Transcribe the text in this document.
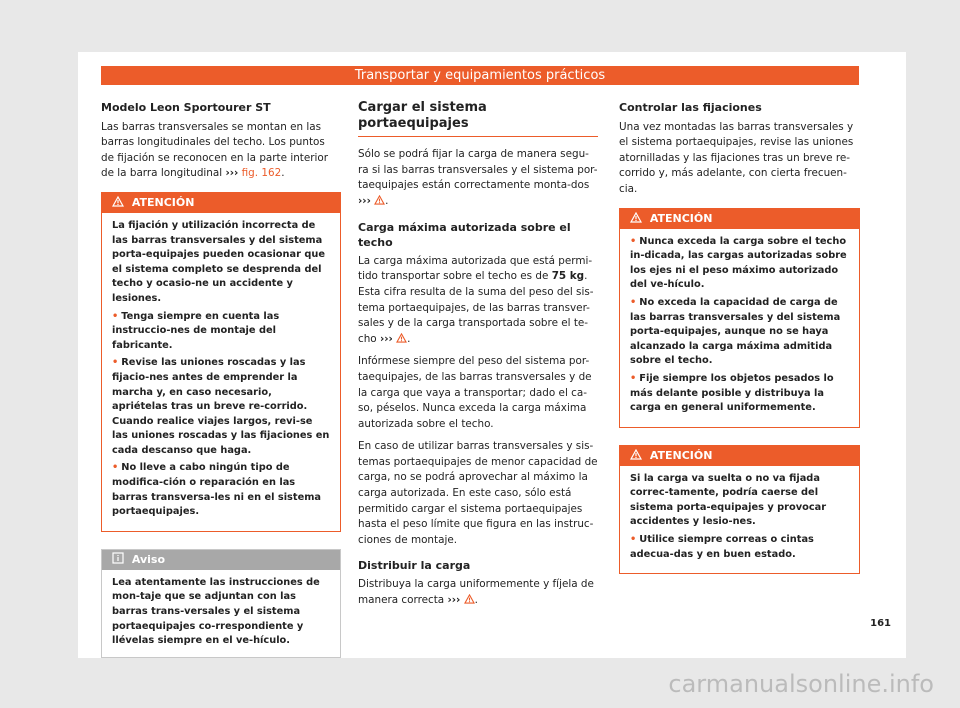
Transportar y equipamientos prácticos
Modelo Leon Sportourer ST

Las barras transversales se montan en las barras longitudinales del techo. Los puntos de fijación se reconocen en la parte interior de la barra longitudinal ››› fig. 162.

ATENCIÓN

La fijación y utilización incorrecta de las barras transversales y del sistema porta-equipajes pueden ocasionar que el sistema completo se desprenda del techo y ocasio-ne un accidente y lesiones.

• Tenga siempre en cuenta las instruccio-nes de montaje del fabricante.

• Revise las uniones roscadas y las fijacio-nes antes de emprender la marcha y, en caso necesario, apriételas tras un breve re-corrido. Cuando realice viajes largos, revi-se las uniones roscadas y las fijaciones en cada descanso que haga.

• No lleve a cabo ningún tipo de modifica-ción o reparación en las barras transversa-les ni en el sistema portaequipajes.

Aviso
Lea atentamente las instrucciones de mon-taje que se adjuntan con las barras trans-versales y el sistema portaequipajes co-rrespondiente y llévelas siempre en el ve-hículo.
Cargar el sistema portaequipajes

Sólo se podrá fijar la carga de manera segu-ra si las barras transversales y el sistema por-taequipajes están correctamente monta-dos ››› .

Carga máxima autorizada sobre el techo

La carga máxima autorizada que está permi-tido transportar sobre el techo es de 75 kg. Esta cifra resulta de la suma del peso del sis-tema portaequipajes, de las barras transver-sales y de la carga transportada sobre el te-cho ››› .

Infórmese siempre del peso del sistema por-taequipajes, de las barras transversales y de la carga que vaya a transportar; dado el ca-so, péselos. Nunca exceda la carga máxima autorizada sobre el techo.

En caso de utilizar barras transversales y sis-temas portaequipajes de menor capacidad de carga, no se podrá aprovechar al máximo la carga autorizada. En este caso, sólo está permitido cargar el sistema portaequipajes hasta el peso límite que figura en las instruc-ciones de montaje.

Distribuir la carga

Distribuya la carga uniformemente y fíjela de manera correcta ››› .

Controlar las fijaciones

Una vez montadas las barras transversales y el sistema portaequipajes, revise las uniones atornilladas y las fijaciones tras un breve re-corrido y, más adelante, con cierta frecuen-cia.

ATENCIÓN

• Nunca exceda la carga sobre el techo in-dicada, las cargas autorizadas sobre los ejes ni el peso máximo autorizado del ve-hículo.

• No exceda la capacidad de carga de las barras transversales y del sistema porta-equipajes, aunque no se haya alcanzado la carga máxima admitida sobre el techo.

• Fije siempre los objetos pesados lo más delante posible y distribuya la carga en general uniformemente.

ATENCIÓN

Si la carga va suelta o no va fijada correc-tamente, podría caerse del sistema porta-equipajes y provocar accidentes y lesio-nes.

• Utilice siempre correas o cintas adecua-das y en buen estado.

161
carmanualsonline.info
